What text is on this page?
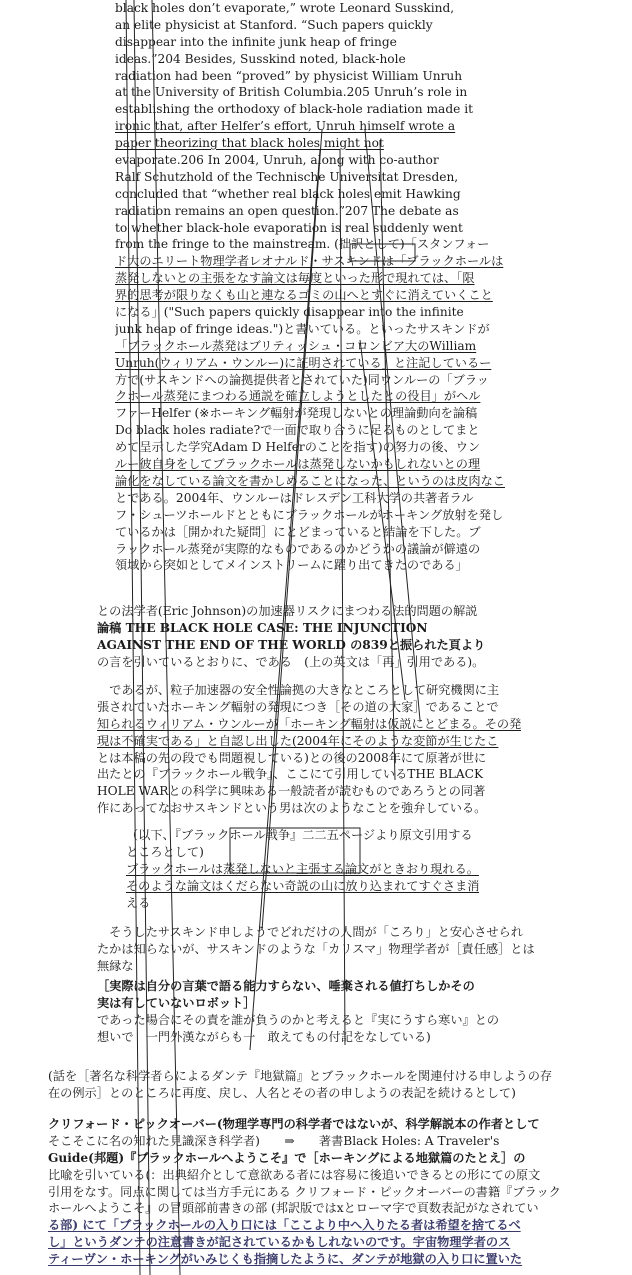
black holes don’t evaporate,” wrote Leonard Susskind,
an elite physicist at Stanford. “Such papers quickly
disappear into the infinite junk heap of fringe
ideas.”204 Besides, Susskind noted, black-hole
radiation had been “proved” by physicist William Unruh
at the University of British Columbia.205 Unruh’s role in
establishing the orthodoxy of black-hole radiation made it
ironic that, after Helfer’s effort, Unruh himself wrote a
paper theorizing that black holes might not
evaporate.206 In 2004, Unruh, along with co-author
Ralf Schutzhold of the Technische Universitat Dresden,
concluded that “whether real black holes emit Hawking
radiation remains an open question.”207 The debate as
to whether black-hole evaporation is real suddenly went
from the fringe to the mainstream. (拙訳として)「スタンフォー
ド大のエリート物理学者レオナルド・サスキンドは「ブラックホールは
蒸発しないとの主張をなす論文は毎度といった形で現れては、「限
界的思考が限りなくも山と連なるゴミの山へとすぐに消えていくこと
になる」("Such papers quickly disappear into the infinite
junk heap of fringe ideas.")と書いている。といったサスキンドが
「ブラックホール蒸発はブリティッシュ・コロンビア大のWilliam
Unruh(ウィリアム・ウンルー)に証明されている」と注記しているー
方で(サスキンドへの論拠提供者とされていた)同ウンルーの「ブラッ
クホール蒸発にまつわる通説を確立しようとしたとの役目」がヘル
ファーHelfer (※ホーキング輻射が発現しないとの理論動向を論稿
Do black holes radiate?で一面で取り合うに足るものとしてまと
めて呈示した学究Adam D Helferのことを指す)の努力の後、ウン
ルー彼自身をしてブラックホールは蒸発しないかもしれないとの理
論化をなしている論文を書かしめることになった、というのは皮肉なこ
とである。2004年、ウンルーはドレスデン工科大学の共著者ラル
フ・シューツホールドとともにブラックホールがホーキング放射を発し
ているかは［開かれた疑問］にとどまっていると結論を下した。ブ
ラックホール蒸発が実際的なものであるのかどうかの議論が僻遠の
領域から突如としてメインストリームに躍り出てきたのである」
との法学者(Eric Johnson)の加速器リスクにまつわる法的問題の解説
論稿 THE BLACK HOLE CASE: THE INJUNCTION
AGAINST THE END OF THE WORLD の839と振られた頁より
の言を引いているとおりに、である　(上の英文は「再」引用である)。
　であるが、粒子加速器の安全性論拠の大きなところとして研究機関に主
張されていたホーキング輻射の発現につき［その道の大家］であることで
知られるウィリアム・ウンルーが「ホーキング輻射は仮説にとどまる。その発
現は不確実である」と自認し出した(2004年にそのような変節が生じたこ
とは本稿の先の段でも問題視している)との後の2008年にて原著が世に
出たとの『ブラックホール戦争』、ここにて引用しているTHE BLACK
HOLE WARとの科学に興味ある一般読者が読むものであろうとの同著
作にあってなおサスキンドという男は次のようなことを強弁している。
（以下、『ブラックホール戦争』二二五ページより原文引用する
ところとして)
ブラックホールは蒸発しないと主張する論文がときおり現れる。
そのような論文はくだらない奇説の山に放り込まれてすぐさま消
える
　そうしたサスキンド申しようでどれだけの人間が「ころり」と安心させられ
たかは知らないが、サスキンドのような「カリスマ」物理学者が［責任感］とは
無縁な
［実際は自分の言葉で語る能力すらない、唾棄される値打ちしかその
実は有していないロボット］
であった場合にその責を誰が負うのかと考えると『実にうすら寒い』との
想いで　一門外漢ながらも一　敢えてもの付記をなしている)
(話を［著名な科学者らによるダンテ『地獄篇』とブラックホールを関連付ける申しようの存
在の例示］とのところに再度、戻し、人名とその者の申しようの表記を続けるとして)
クリフォード・ピックオーバー(物理学専門の科学者ではないが、科学解説本の作者として
そこそこに名の知れた見識深き科学者)　　⇒　　著書Black Holes: A Traveler's
Guide(邦題)『ブラックホールへようこそ』で［ホーキングによる地獄篇のたとえ］の
比喩を引いている(：出典紹介として意欲ある者には容易に後追いできるとの形にての原文
引用をなす。同点に関しては当方手元にある クリフォード・ピックオーバーの書籍『ブラック
ホールへようこそ』の冒頭部前書きの部 (邦訳版ではxとローマ字で頁数表記がなされてい
る部) にて「ブラックホールの入り口には「ここより中へ入りたる者は希望を捨てるべ
し」というダンテの注意書きが記されているかもしれないのです。宇宙物理学者のス
ティーヴン・ホーキングがいみじくも指摘したように、ダンテが地獄の入り口に置いた
